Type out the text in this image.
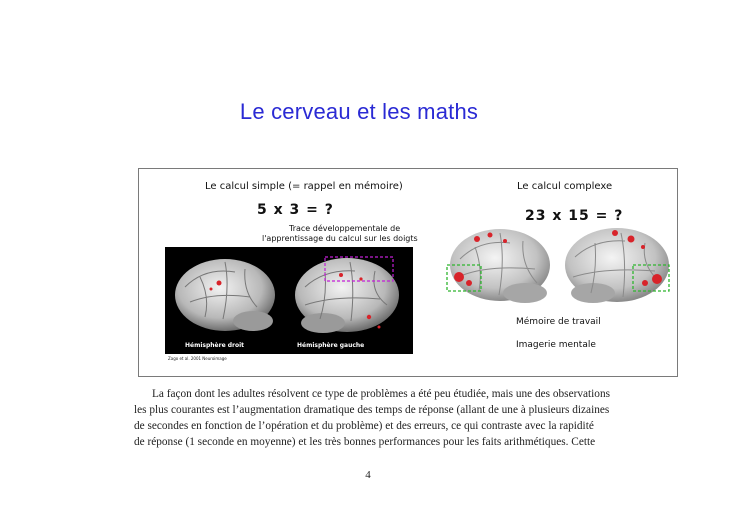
Le cerveau et les maths
Le calcul simple (= rappel en mémoire)
5 x 3 = ?
Trace développementale de
l'apprentissage du calcul sur les doigts
Hémisphère droit	Hémisphère gauche
Zago et al. 2001 Neuroimage
Le calcul complexe
23 x 15 = ?
Mémoire de travail
Imagerie mentale
La façon dont les adultes résolvent ce type de problèmes a été peu étudiée, mais une des observations
les plus courantes est l’augmentation dramatique des temps de réponse (allant de une à plusieurs dizaines
de secondes en fonction de l’opération et du problème) et des erreurs, ce qui contraste avec la rapidité
de réponse (1 seconde en moyenne) et les très bonnes performances pour les faits arithmétiques. Cette
4
